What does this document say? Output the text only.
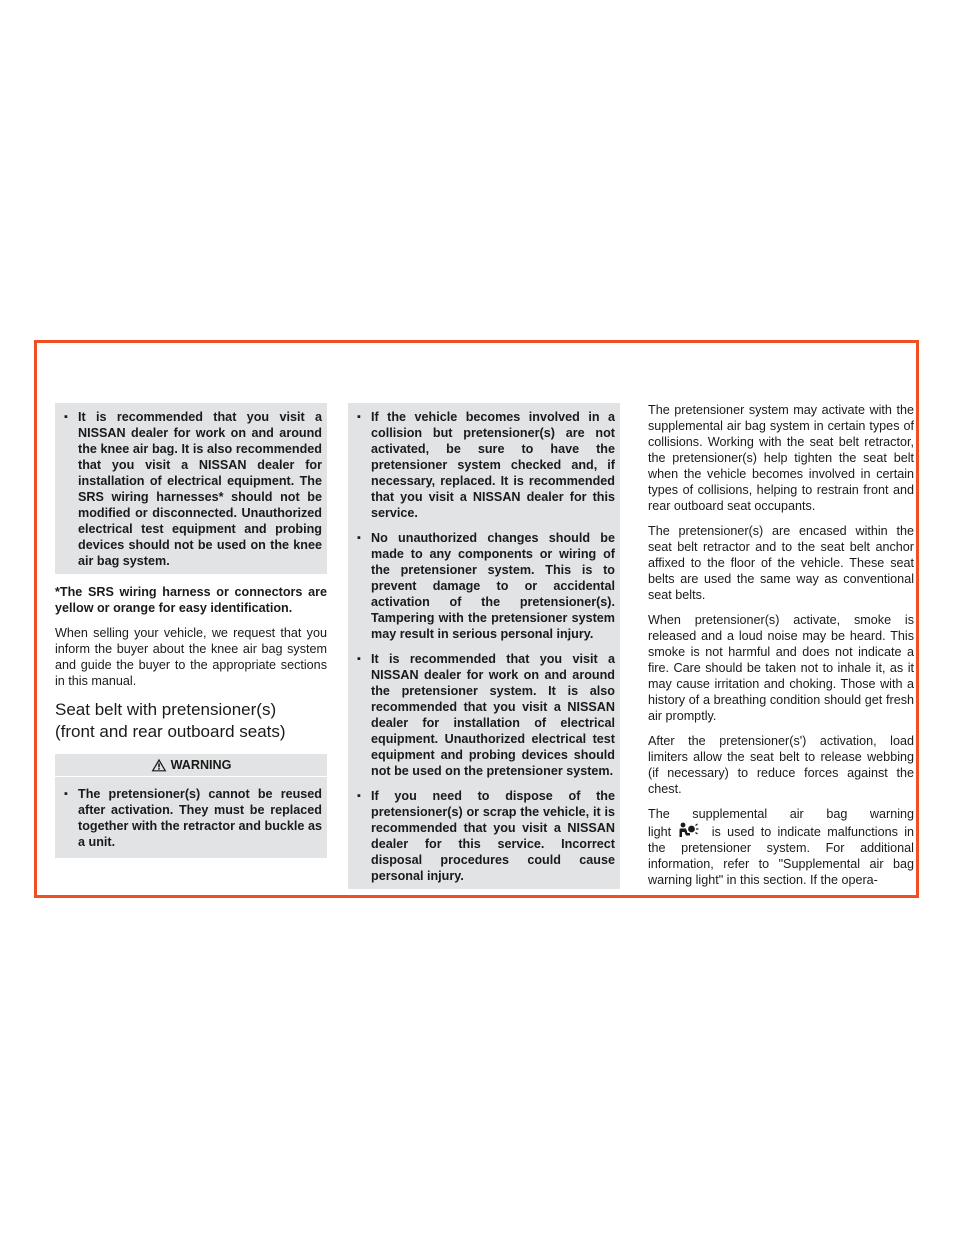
▪ It is recommended that you visit a NISSAN dealer for work on and around the knee air bag. It is also recommended that you visit a NISSAN dealer for installation of electrical equipment. The SRS wiring harnesses* should not be modified or disconnected. Unauthorized electrical test equipment and probing devices should not be used on the knee air bag system.

*The SRS wiring harness or connectors are yellow or orange for easy identification.

When selling your vehicle, we request that you inform the buyer about the knee air bag system and guide the buyer to the appropriate sections in this manual.

Seat belt with pretensioner(s)
(front and rear outboard seats)
WARNING
▪ The pretensioner(s) cannot be reused after activation. They must be replaced together with the retractor and buckle as a unit.
▪ If the vehicle becomes involved in a collision but pretensioner(s) are not activated, be sure to have the pretensioner system checked and, if necessary, replaced. It is recommended that you visit a NISSAN dealer for this service.
▪ No unauthorized changes should be made to any components or wiring of the pretensioner system. This is to prevent damage to or accidental activation of the pretensioner(s). Tampering with the pretensioner system may result in serious personal injury.
▪ It is recommended that you visit a NISSAN dealer for work on and around the pretensioner system. It is also recommended that you visit a NISSAN dealer for installation of electrical equipment. Unauthorized electrical test equipment and probing devices should not be used on the pretensioner system.
▪ If you need to dispose of the pretensioner(s) or scrap the vehicle, it is recommended that you visit a NISSAN dealer for this service. Incorrect disposal procedures could cause personal injury.

The pretensioner system may activate with the supplemental air bag system in certain types of collisions. Working with the seat belt retractor, the pretensioner(s) help tighten the seat belt when the vehicle becomes involved in certain types of collisions, helping to restrain front and rear outboard seat occupants.

The pretensioner(s) are encased within the seat belt retractor and to the seat belt anchor affixed to the floor of the vehicle. These seat belts are used the same way as conventional seat belts.

When pretensioner(s) activate, smoke is released and a loud noise may be heard. This smoke is not harmful and does not indicate a fire. Care should be taken not to inhale it, as it may cause irritation and choking. Those with a history of a breathing condition should get fresh air promptly.

After the pretensioner(s') activation, load limiters allow the seat belt to release webbing (if necessary) to reduce forces against the chest.

The supplemental air bag warning
light	is used to indicate malfunctions in the pretensioner system. For additional information, refer to "Supplemental air bag warning light" in this section. If the opera-
